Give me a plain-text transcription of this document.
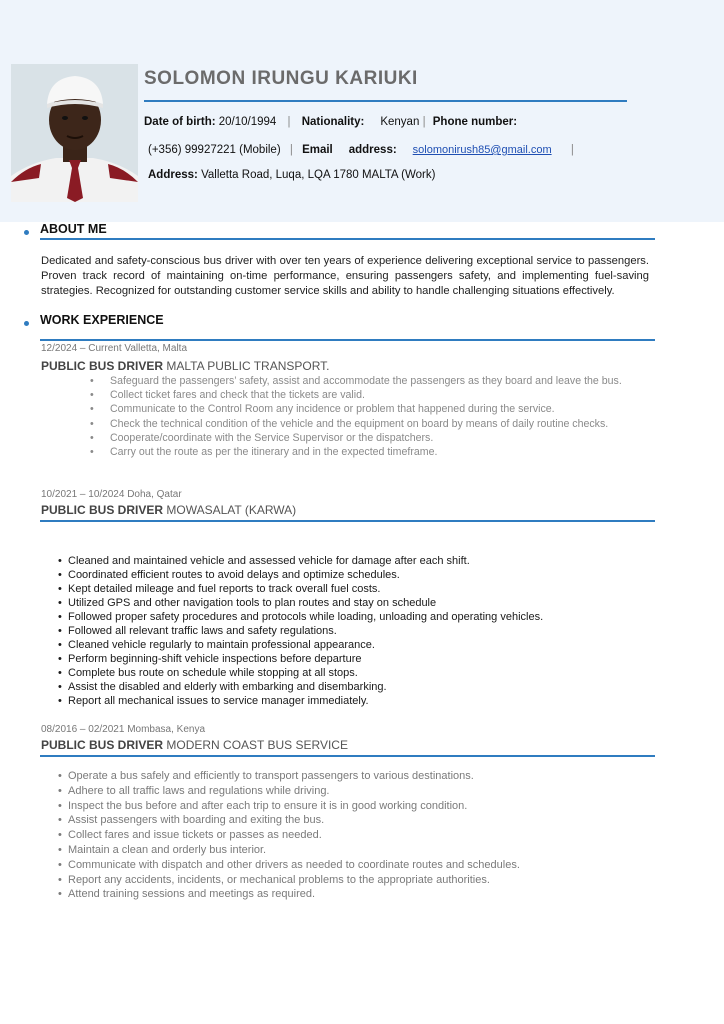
SOLOMON IRUNGU KARIUKI
Date of birth: 20/10/1994 | Nationality: Kenyan | Phone number:
(+356) 99927221 (Mobile) | Email address: solomonirush85@gmail.com |
Address: Valletta Road, Luqa, LQA 1780 MALTA (Work)
ABOUT ME

Dedicated and safety-conscious bus driver with over ten years of experience delivering exceptional service to passengers. Proven track record of maintaining on-time performance, ensuring passengers safety, and implementing fuel-saving strategies. Recognized for outstanding customer service skills and ability to handle challenging situations effectively.

WORK EXPERIENCE
12/2024 – Current Valletta, Malta
PUBLIC BUS DRIVER MALTA PUBLIC TRANSPORT.
• Safeguard the passengers’ safety, assist and accommodate the passengers as they board and leave the bus.
• Collect ticket fares and check that the tickets are valid.
• Communicate to the Control Room any incidence or problem that happened during the service.
• Check the technical condition of the vehicle and the equipment on board by means of daily routine checks.
• Cooperate/coordinate with the Service Supervisor or the dispatchers.
• Carry out the route as per the itinerary and in the expected timeframe.
10/2021 – 10/2024 Doha, Qatar
PUBLIC BUS DRIVER MOWASALAT (KARWA)
• Cleaned and maintained vehicle and assessed vehicle for damage after each shift.
• Coordinated efficient routes to avoid delays and optimize schedules.
• Kept detailed mileage and fuel reports to track overall fuel costs.
• Utilized GPS and other navigation tools to plan routes and stay on schedule
• Followed proper safety procedures and protocols while loading, unloading and operating vehicles.
• Followed all relevant traffic laws and safety regulations.
• Cleaned vehicle regularly to maintain professional appearance.
• Perform beginning-shift vehicle inspections before departure
• Complete bus route on schedule while stopping at all stops.
• Assist the disabled and elderly with embarking and disembarking.
• Report all mechanical issues to service manager immediately.
08/2016 – 02/2021 Mombasa, Kenya
PUBLIC BUS DRIVER MODERN COAST BUS SERVICE
• Operate a bus safely and efficiently to transport passengers to various destinations.
• Adhere to all traffic laws and regulations while driving.
• Inspect the bus before and after each trip to ensure it is in good working condition.
• Assist passengers with boarding and exiting the bus.
• Collect fares and issue tickets or passes as needed.
• Maintain a clean and orderly bus interior.
• Communicate with dispatch and other drivers as needed to coordinate routes and schedules.
• Report any accidents, incidents, or mechanical problems to the appropriate authorities.
• Attend training sessions and meetings as required.
